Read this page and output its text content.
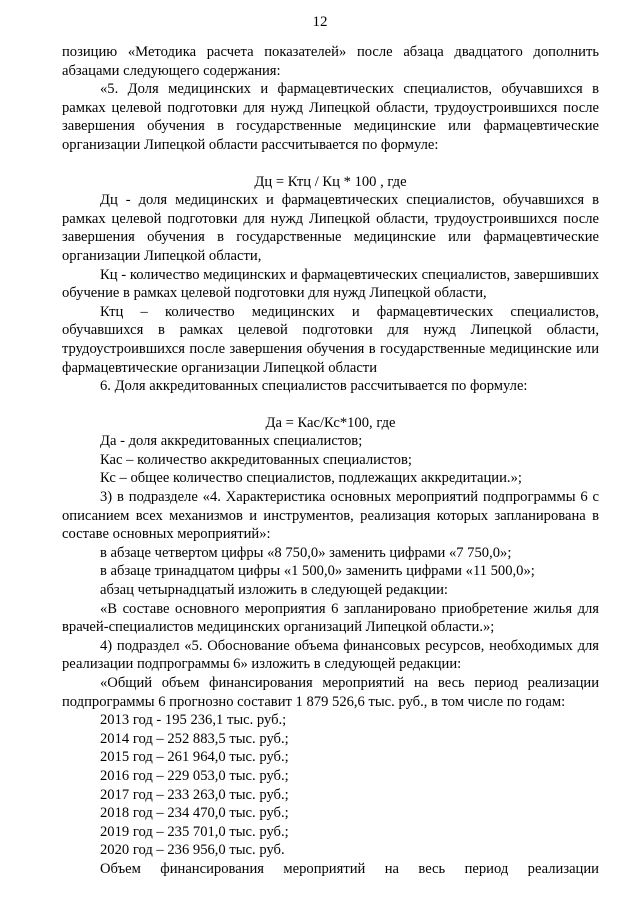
12

позицию «Методика расчета показателей» после абзаца двадцатого дополнить абзацами следующего содержания:

«5. Доля медицинских и фармацевтических специалистов, обучавшихся в рамках целевой подготовки для нужд Липецкой области, трудоустроившихся после завершения обучения в государственные медицинские или фармацевтические организации Липецкой области рассчитывается по формуле:

Дц = Ктц / Кц * 100 , где

Дц - доля медицинских и фармацевтических специалистов, обучавшихся в рамках целевой подготовки для нужд Липецкой области, трудоустроившихся после завершения обучения в государственные медицинские или фармацевтические организации Липецкой области,

Кц - количество медицинских и фармацевтических специалистов, завершивших обучение в рамках целевой подготовки для нужд Липецкой области,

Ктц – количество медицинских и фармацевтических специалистов, обучавшихся в рамках целевой подготовки для нужд Липецкой области, трудоустроившихся после завершения обучения в государственные медицинские или фармацевтические организации Липецкой области

6. Доля аккредитованных специалистов рассчитывается по формуле:

Да = Кас/Кс*100, где

Да - доля аккредитованных специалистов;

Кас – количество аккредитованных специалистов;

Кс – общее количество специалистов, подлежащих аккредитации.»;

3) в подразделе «4. Характеристика основных мероприятий подпрограммы 6 с описанием всех механизмов и инструментов, реализация которых запланирована в составе основных мероприятий»:

в абзаце четвертом цифры «8 750,0» заменить цифрами «7 750,0»;

в абзаце тринадцатом цифры «1 500,0» заменить цифрами «11 500,0»;

абзац четырнадцатый изложить в следующей редакции:

«В составе основного мероприятия 6 запланировано приобретение жилья для врачей-специалистов медицинских организаций Липецкой области.»;

4) подраздел «5. Обоснование объема финансовых ресурсов, необходимых для реализации подпрограммы 6» изложить в следующей редакции:

«Общий объем финансирования мероприятий на весь период реализации подпрограммы 6 прогнозно составит 1 879 526,6 тыс. руб., в том числе по годам:

2013 год - 195 236,1 тыс. руб.;

2014 год – 252 883,5 тыс. руб.;

2015 год – 261 964,0 тыс. руб.;

2016 год – 229 053,0 тыс. руб.;

2017 год – 233 263,0 тыс. руб.;

2018 год – 234 470,0 тыс. руб.;

2019 год – 235 701,0 тыс. руб.;

2020 год – 236 956,0 тыс. руб.

Объем финансирования мероприятий на весь период реализации
